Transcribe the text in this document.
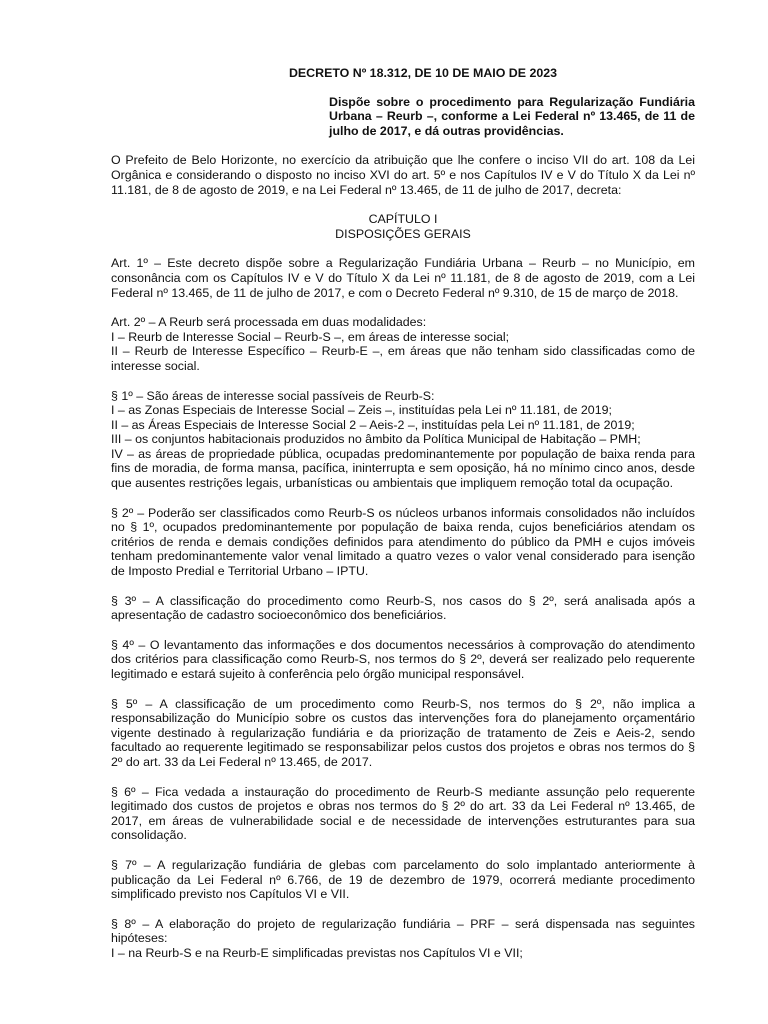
DECRETO Nº 18.312, DE 10 DE MAIO DE 2023
Dispõe sobre o procedimento para Regularização Fundiária Urbana – Reurb –, conforme a Lei Federal nº 13.465, de 11 de julho de 2017, e dá outras providências.
O Prefeito de Belo Horizonte, no exercício da atribuição que lhe confere o inciso VII do art. 108 da Lei Orgânica e considerando o disposto no inciso XVI do art. 5º e nos Capítulos IV e V do Título X da Lei nº 11.181, de 8 de agosto de 2019, e na Lei Federal nº 13.465, de 11 de julho de 2017, decreta:
CAPÍTULO I
DISPOSIÇÕES GERAIS
Art. 1º – Este decreto dispõe sobre a Regularização Fundiária Urbana – Reurb – no Município, em consonância com os Capítulos IV e V do Título X da Lei nº 11.181, de 8 de agosto de 2019, com a Lei Federal nº 13.465, de 11 de julho de 2017, e com o Decreto Federal nº 9.310, de 15 de março de 2018.
Art. 2º – A Reurb será processada em duas modalidades:
I – Reurb de Interesse Social – Reurb-S –, em áreas de interesse social;
II – Reurb de Interesse Específico – Reurb-E –, em áreas que não tenham sido classificadas como de interesse social.
§ 1º – São áreas de interesse social passíveis de Reurb-S:
I – as Zonas Especiais de Interesse Social – Zeis –, instituídas pela Lei nº 11.181, de 2019;
II – as Áreas Especiais de Interesse Social 2 – Aeis-2 –, instituídas pela Lei nº 11.181, de 2019;
III – os conjuntos habitacionais produzidos no âmbito da Política Municipal de Habitação – PMH;
IV – as áreas de propriedade pública, ocupadas predominantemente por população de baixa renda para fins de moradia, de forma mansa, pacífica, ininterrupta e sem oposição, há no mínimo cinco anos, desde que ausentes restrições legais, urbanísticas ou ambientais que impliquem remoção total da ocupação.
§ 2º – Poderão ser classificados como Reurb-S os núcleos urbanos informais consolidados não incluídos no § 1º, ocupados predominantemente por população de baixa renda, cujos beneficiários atendam os critérios de renda e demais condições definidos para atendimento do público da PMH e cujos imóveis tenham predominantemente valor venal limitado a quatro vezes o valor venal considerado para isenção de Imposto Predial e Territorial Urbano – IPTU.
§ 3º – A classificação do procedimento como Reurb-S, nos casos do § 2º, será analisada após a apresentação de cadastro socioeconômico dos beneficiários.
§ 4º – O levantamento das informações e dos documentos necessários à comprovação do atendimento dos critérios para classificação como Reurb-S, nos termos do § 2º, deverá ser realizado pelo requerente legitimado e estará sujeito à conferência pelo órgão municipal responsável.
§ 5º – A classificação de um procedimento como Reurb-S, nos termos do § 2º, não implica a responsabilização do Município sobre os custos das intervenções fora do planejamento orçamentário vigente destinado à regularização fundiária e da priorização de tratamento de Zeis e Aeis-2, sendo facultado ao requerente legitimado se responsabilizar pelos custos dos projetos e obras nos termos do § 2º do art. 33 da Lei Federal nº 13.465, de 2017.
§ 6º – Fica vedada a instauração do procedimento de Reurb-S mediante assunção pelo requerente legitimado dos custos de projetos e obras nos termos do § 2º do art. 33 da Lei Federal nº 13.465, de 2017, em áreas de vulnerabilidade social e de necessidade de intervenções estruturantes para sua consolidação.
§ 7º – A regularização fundiária de glebas com parcelamento do solo implantado anteriormente à publicação da Lei Federal nº 6.766, de 19 de dezembro de 1979, ocorrerá mediante procedimento simplificado previsto nos Capítulos VI e VII.
§ 8º – A elaboração do projeto de regularização fundiária – PRF – será dispensada nas seguintes hipóteses:
I – na Reurb-S e na Reurb-E simplificadas previstas nos Capítulos VI e VII;
